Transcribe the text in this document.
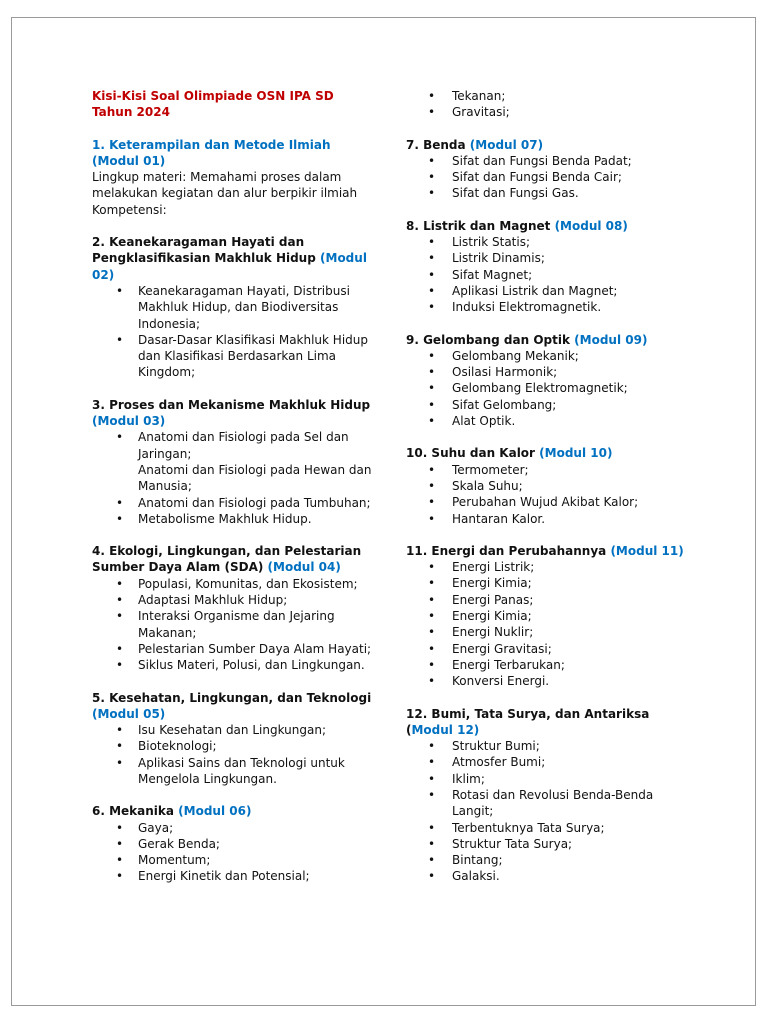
Kisi-Kisi Soal Olimpiade OSN IPA SD Tahun 2024
1. Keterampilan dan Metode Ilmiah (Modul 01)
Lingkup materi: Memahami proses dalam melakukan kegiatan dan alur berpikir ilmiah
Kompetensi:
2. Keanekaragaman Hayati dan Pengklasifikasian Makhluk Hidup (Modul 02)
• Keanekaragaman Hayati, Distribusi Makhluk Hidup, dan Biodiversitas Indonesia;
• Dasar-Dasar Klasifikasi Makhluk Hidup dan Klasifikasi Berdasarkan Lima Kingdom;
3. Proses dan Mekanisme Makhluk Hidup (Modul 03)
• Anatomi dan Fisiologi pada Sel dan Jaringan;
Anatomi dan Fisiologi pada Hewan dan Manusia;
• Anatomi dan Fisiologi pada Tumbuhan;
• Metabolisme Makhluk Hidup.
4. Ekologi, Lingkungan, dan Pelestarian Sumber Daya Alam (SDA) (Modul 04)
• Populasi, Komunitas, dan Ekosistem;
• Adaptasi Makhluk Hidup;
• Interaksi Organisme dan Jejaring Makanan;
• Pelestarian Sumber Daya Alam Hayati;
• Siklus Materi, Polusi, dan Lingkungan.
5. Kesehatan, Lingkungan, dan Teknologi (Modul 05)
• Isu Kesehatan dan Lingkungan;
• Bioteknologi;
• Aplikasi Sains dan Teknologi untuk Mengelola Lingkungan.
6. Mekanika (Modul 06)
• Gaya;
• Gerak Benda;
• Momentum;
• Energi Kinetik dan Potensial;
• Tekanan;
• Gravitasi;
7. Benda (Modul 07)
• Sifat dan Fungsi Benda Padat;
• Sifat dan Fungsi Benda Cair;
• Sifat dan Fungsi Gas.
8. Listrik dan Magnet (Modul 08)
• Listrik Statis;
• Listrik Dinamis;
• Sifat Magnet;
• Aplikasi Listrik dan Magnet;
• Induksi Elektromagnetik.
9. Gelombang dan Optik (Modul 09)
• Gelombang Mekanik;
• Osilasi Harmonik;
• Gelombang Elektromagnetik;
• Sifat Gelombang;
• Alat Optik.
10. Suhu dan Kalor (Modul 10)
• Termometer;
• Skala Suhu;
• Perubahan Wujud Akibat Kalor;
• Hantaran Kalor.
11. Energi dan Perubahannya (Modul 11)
• Energi Listrik;
• Energi Kimia;
• Energi Panas;
• Energi Kimia;
• Energi Nuklir;
• Energi Gravitasi;
• Energi Terbarukan;
• Konversi Energi.
12. Bumi, Tata Surya, dan Antariksa (Modul 12)
• Struktur Bumi;
• Atmosfer Bumi;
• Iklim;
• Rotasi dan Revolusi Benda-Benda Langit;
• Terbentuknya Tata Surya;
• Struktur Tata Surya;
• Bintang;
• Galaksi.
